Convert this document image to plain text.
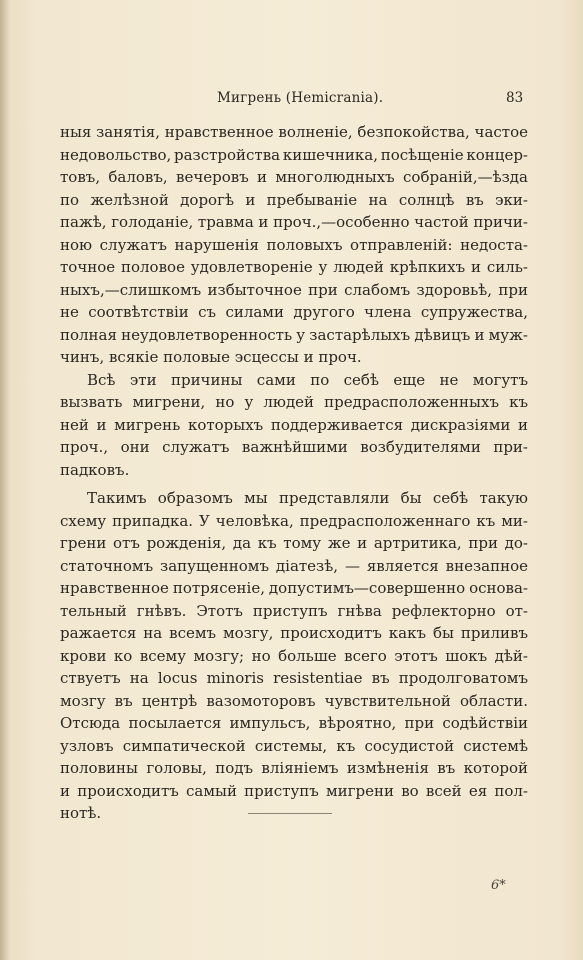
Мигрень (Hemicrania).	83
ныя занятія, нравственное волненіе, безпокойства, частое
недовольство, разстройства кишечника, посѣщеніе концер-
товъ, баловъ, вечеровъ и многолюдныхъ собраній,—ѣзда
по желѣзной дорогѣ и пребываніе на солнцѣ въ эки-
пажѣ, голоданіе, травма и проч.,—особенно частой причи-
ною служатъ нарушенія половыхъ отправленій: недоста-
точное половое удовлетвореніе у людей крѣпкихъ и силь-
ныхъ,—слишкомъ избыточное при слабомъ здоровьѣ, при
не соотвѣтствіи съ силами другого члена супружества,
полная неудовлетворенность у застарѣлыхъ дѣвицъ и муж-
чинъ, всякіе половые эсцессы и проч.
Всѣ эти причины сами по себѣ еще не могутъ
вызвать мигрени, но у людей предрасположенныхъ къ
ней и мигрень которыхъ поддерживается дискразіями и
проч., они служатъ важнѣйшими возбудителями при-
падковъ.
Такимъ образомъ мы представляли бы себѣ такую
схему припадка. У человѣка, предрасположеннаго къ ми-
грени отъ рожденія, да къ тому же и артритика, при до-
статочномъ запущенномъ діатезѣ, — является внезапное
нравственное потрясеніе, допустимъ—совершенно основа-
тельный гнѣвъ. Этотъ приступъ гнѣва рефлекторно от-
ражается на всемъ мозгу, происходитъ какъ бы приливъ
крови ко всему мозгу; но больше всего этотъ шокъ дѣй-
ствуетъ на locus minoris resistentiae въ продолговатомъ
мозгу въ центрѣ вазомоторовъ чувствительной области.
Отсюда посылается импульсъ, вѣроятно, при содѣйствіи
узловъ симпатической системы, къ сосудистой системѣ
половины головы, подъ вліяніемъ измѣненія въ которой
и происходитъ самый приступъ мигрени во всей ея пол-
нотѣ.
6*
